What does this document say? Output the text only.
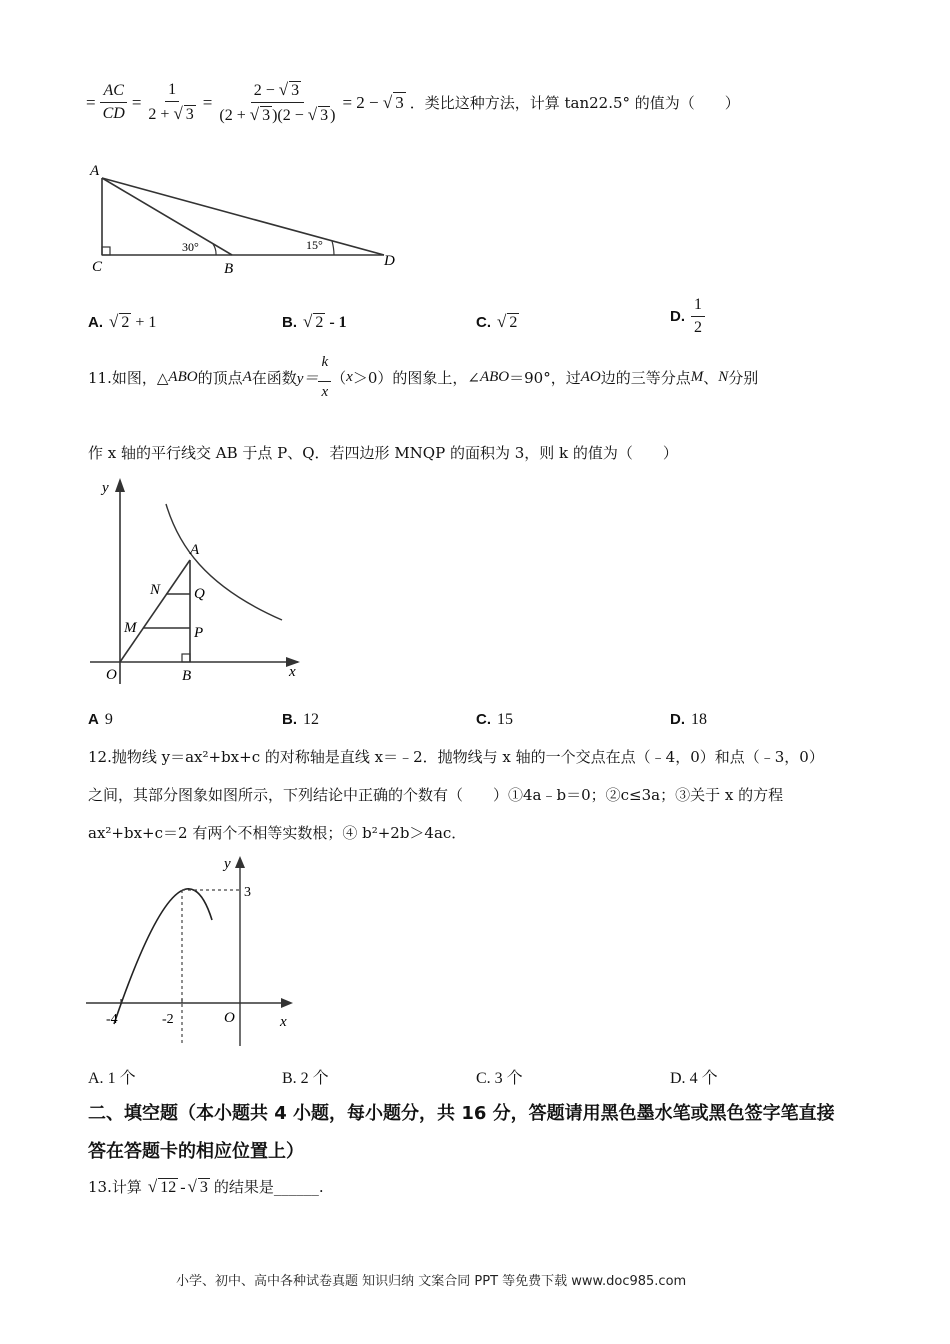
= $\frac{AC}{CD} = \frac{1}{2 + √ 3} = \frac{2 - √ 3}{(2 + √ 3 )(2 - √ 3 )} = 2$ − √ 3 ．类比这种方法，计算 tan22.5° 的值为（　　）
A
C	B	D
30°	15°
A. √ 2 + 1	B. √ 2 - 1	C. √ 2	D. $\frac{1}{2}$
11.如图，△ ABO 的顶点 A 在函数 $y= \frac{k}{x}$ （ x ＞0）的图象上，∠ ABO ＝90°，过 AO 边的三等分点 M 、 N 分别
作 x 轴的平行线交 AB 于点 P、Q．若四边形 MNQP 的面积为 3，则 k 的值为（　　）
y
x
A
N Q
M	P
O	B
A 9	B. 12	C. 15	D. 18
12.抛物线 y＝ax²+bx+c 的对称轴是直线 x＝﹣2．抛物线与 x 轴的一个交点在点（﹣4，0）和点（﹣3，0）
之间，其部分图象如图所示，下列结论中正确的个数有（　　）①4a﹣b＝0；②c≤3a；③关于 x 的方程
ax²+bx+c＝2 有两个不相等实数根；④ b²+2b＞4ac．
y
x
3
-4	-2	O
A. 1 个	B. 2 个	C. 3 个	D. 4 个
二、填空题（本小题共 4 小题，每小题分，共 16 分，答题请用黑色墨水笔或黑色签字笔直接
答在答题卡的相应位置上）
13.计算 √ 12 - √ 3 的结果是______.
小学、初中、高中各种试卷真题 知识归纳 文案合同 PPT 等免费下载 www.doc985.com
